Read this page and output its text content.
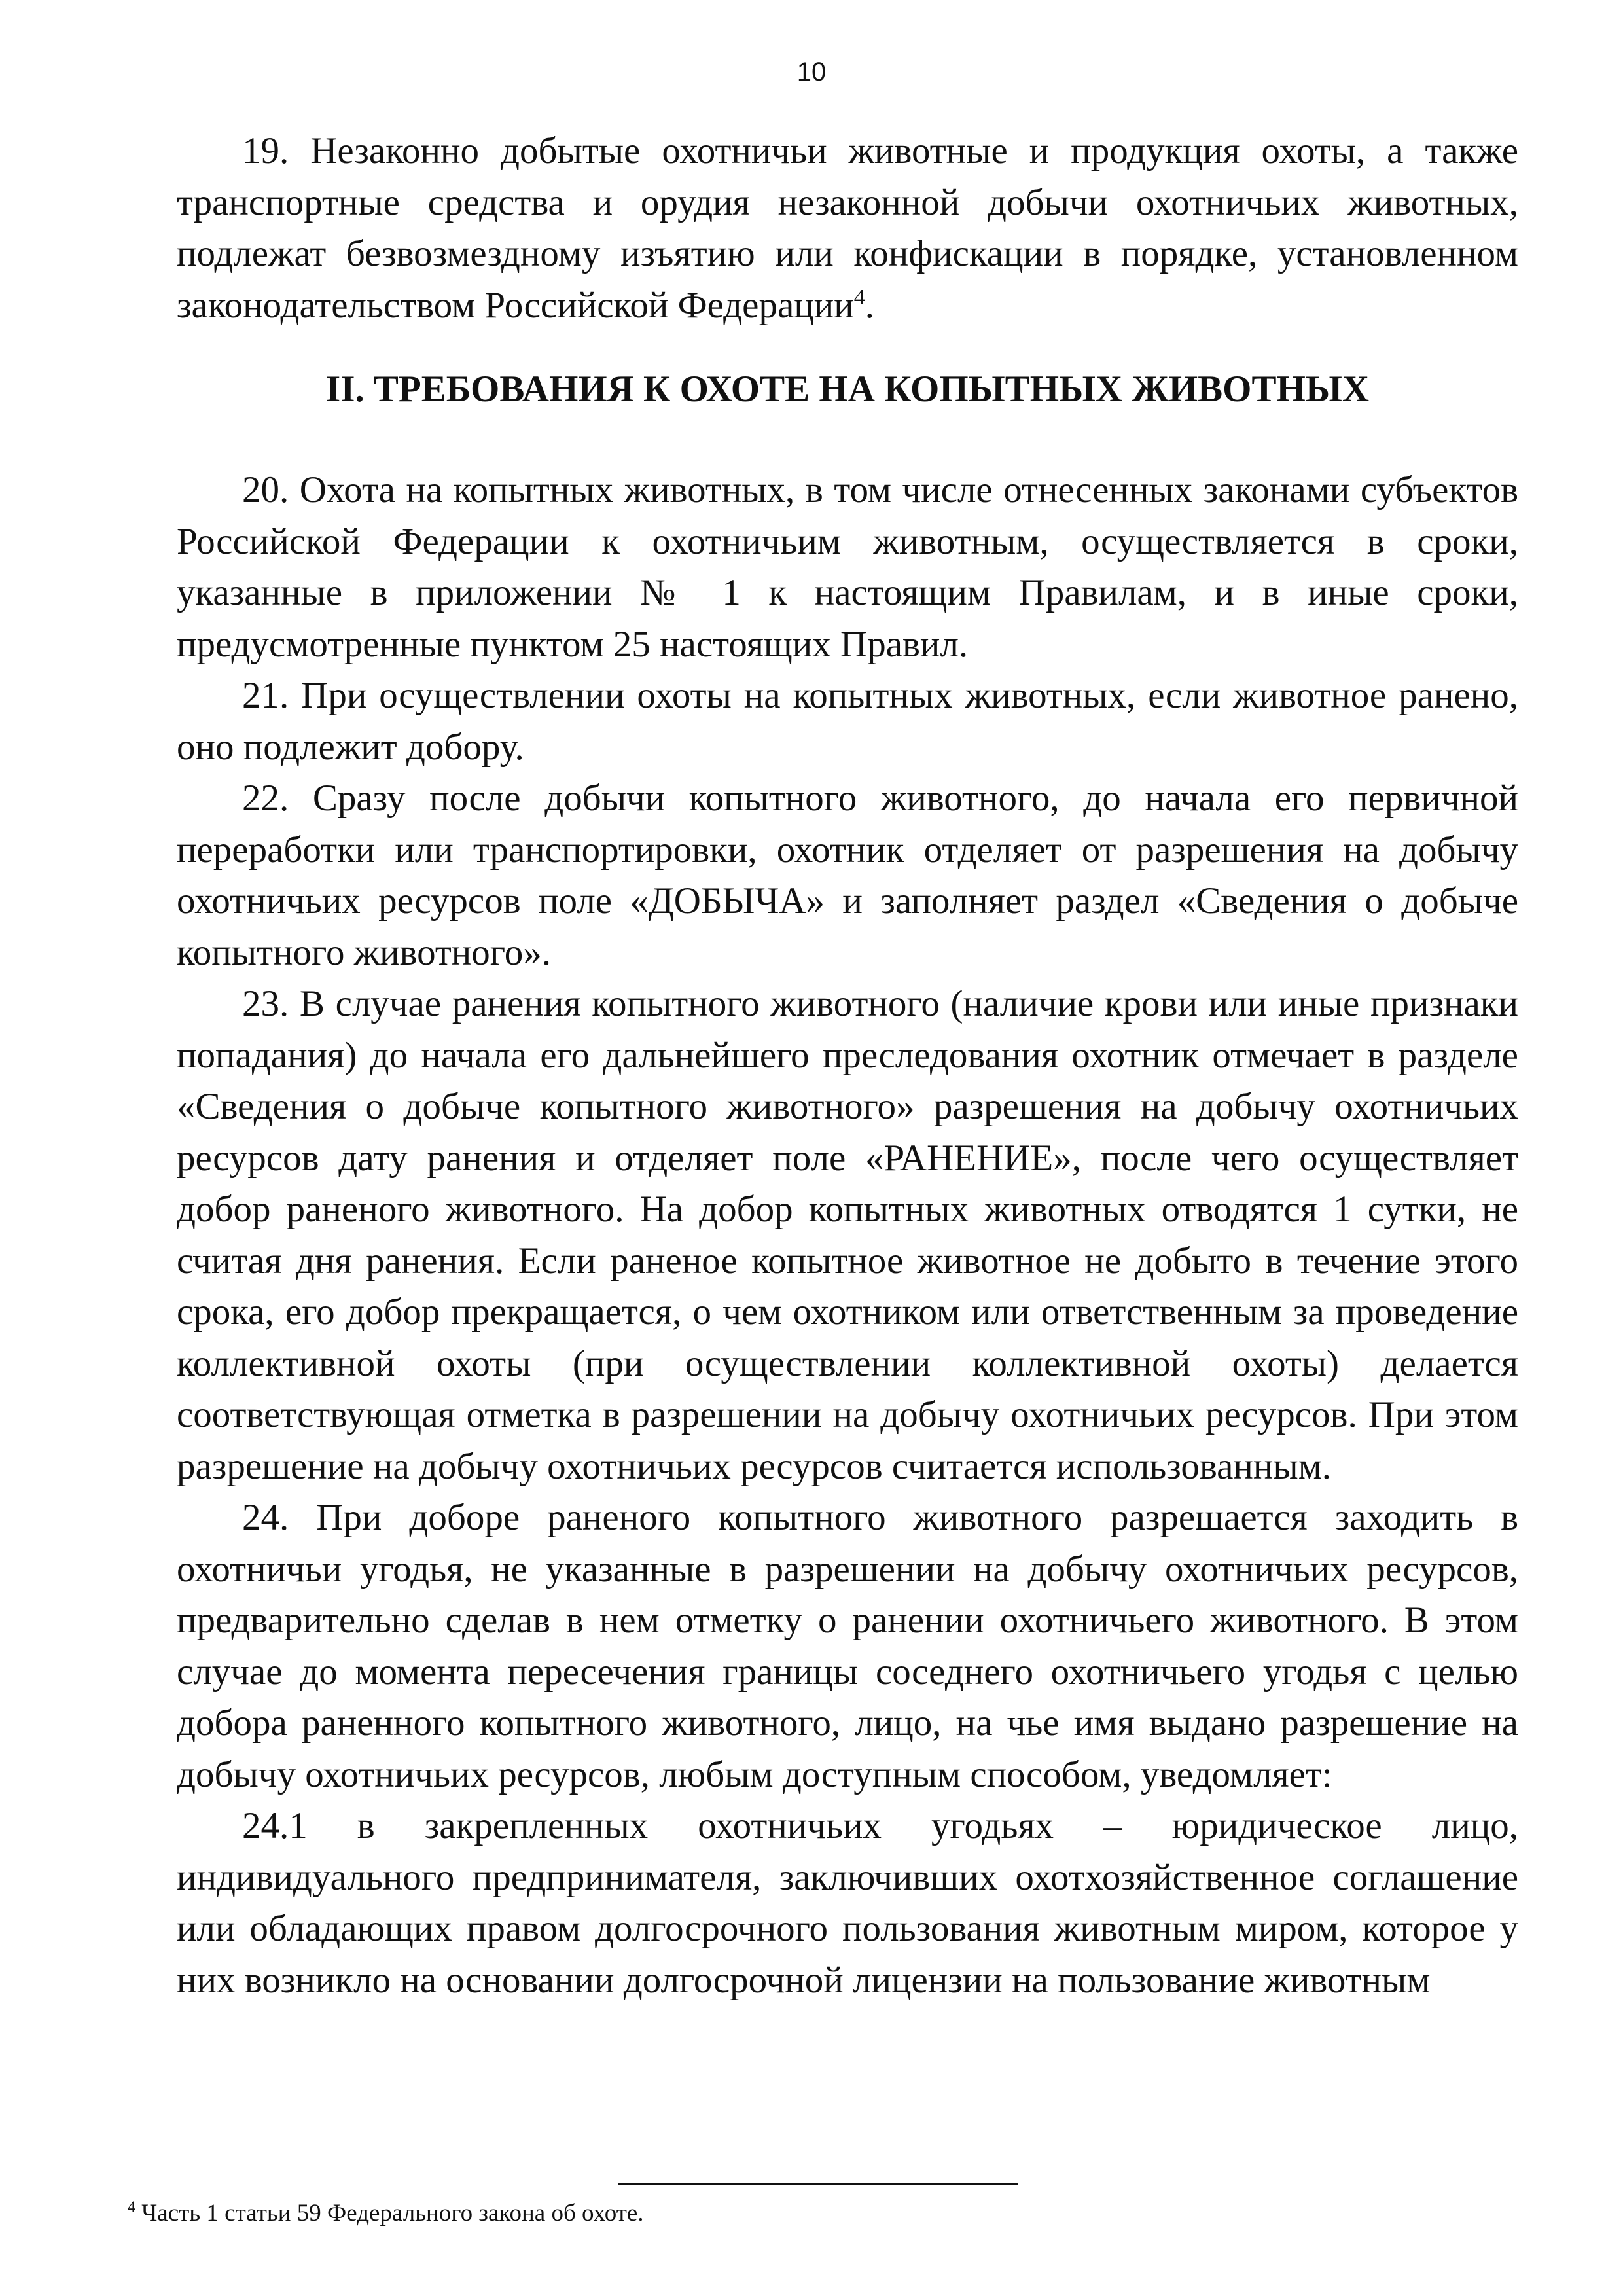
10

19. Незаконно добытые охотничьи животные и продукция охоты, а также транспортные средства и орудия незаконной добычи охотничьих животных, подлежат безвозмездному изъятию или конфискации в порядке, установленном законодательством Российской Федерации$^4$.

II. ТРЕБОВАНИЯ К ОХОТЕ НА КОПЫТНЫХ ЖИВОТНЫХ

20. Охота на копытных животных, в том числе отнесенных законами субъектов Российской Федерации к охотничьим животным, осуществляется в сроки, указанные в приложении № 1 к настоящим Правилам, и в иные сроки, предусмотренные пунктом 25 настоящих Правил.

21. При осуществлении охоты на копытных животных, если животное ранено, оно подлежит добору.

22. Сразу после добычи копытного животного, до начала его первичной переработки или транспортировки, охотник отделяет от разрешения на добычу охотничьих ресурсов поле «ДОБЫЧА» и заполняет раздел «Сведения о добыче копытного животного».

23. В случае ранения копытного животного (наличие крови или иные признаки попадания) до начала его дальнейшего преследования охотник отмечает в разделе «Сведения о добыче копытного животного» разрешения на добычу охотничьих ресурсов дату ранения и отделяет поле «РАНЕНИЕ», после чего осуществляет добор раненого животного. На добор копытных животных отводятся 1 сутки, не считая дня ранения. Если раненое копытное животное не добыто в течение этого срока, его добор прекращается, о чем охотником или ответственным за проведение коллективной охоты (при осуществлении коллективной охоты) делается соответствующая отметка в разрешении на добычу охотничьих ресурсов. При этом разрешение на добычу охотничьих ресурсов считается использованным.

24. При доборе раненого копытного животного разрешается заходить в охотничьи угодья, не указанные в разрешении на добычу охотничьих ресурсов, предварительно сделав в нем отметку о ранении охотничьего животного. В этом случае до момента пересечения границы соседнего охотничьего угодья с целью добора раненного копытного животного, лицо, на чье имя выдано разрешение на добычу охотничьих ресурсов, любым доступным способом, уведомляет:

24.1 в закрепленных охотничьих угодьях – юридическое лицо, индивидуального предпринимателя, заключивших охотхозяйственное соглашение или обладающих правом долгосрочного пользования животным миром, которое у них возникло на основании долгосрочной лицензии на пользование животным

$^4$ Часть 1 статьи 59 Федерального закона об охоте.
